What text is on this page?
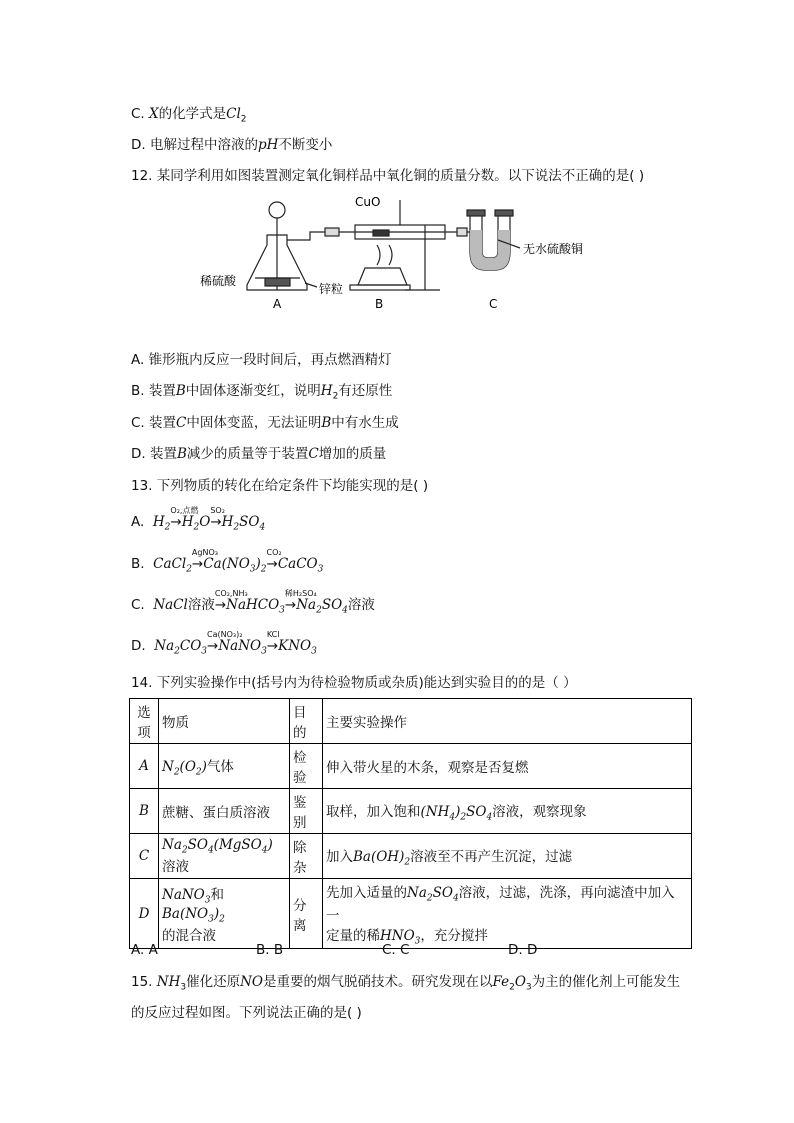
C. X的化学式是$Cl_2$
D. 电解过程中溶液的pH不断变小
12. 某同学利用如图装置测定氧化铜样品中氧化铜的质量分数。以下说法不正确的是( )
CuO
稀硫酸
锌粒
无水硫酸铜
A	B	C
A. 锥形瓶内反应一段时间后，再点燃酒精灯
B. 装置B中固体逐渐变红，说明$H_2$有还原性
C. 装置C中固体变蓝，无法证明B中有水生成
D. 装置B减少的质量等于装置C增加的质量
13. 下列物质的转化在给定条件下均能实现的是( )
A. $H_2$
O₂,点燃
$\to H_2O$
SO₂
$\to H_2SO_4$
B. CaCl$_2$
AgNO₃
$\to Ca(NO_3)_2$
CO₂
→CaCO$_3$
C. NaCl溶液
CO₂,NH₃
→NaHCO$_3$
稀H₂SO₄
$\to Na_2SO_4$溶液
D. $Na_2CO_3$
Ca(NO₃)₂
→NaNO$_3$
KCl
$\to KNO_3$
14. 下列实验操作中(括号内为待检验物质或杂质)能达到实验目的的是（ ）
选项	物质	目的	主要实验操作
A	$N_2(O_2)$气体	检验	伸入带火星的木条，观察是否复燃
B	蔗糖、蛋白质溶液	鉴别	取样，加入饱和$(NH_4)_2SO_4$溶液，观察现象
C	$Na_2SO_4(MgSO_4)$溶液	除杂	加入$Ba(OH)_2$溶液至不再产生沉淀，过滤
D	NaNO$_3$和$Ba(NO_3)_2$
的混合液	分离	先加入适量的$Na_2SO_4$溶液，过滤，洗涤，再向滤渣中加入一
定量的稀$HNO_3$，充分搅拌
A. A	B. B	C. C	D. D
15. $NH_3$催化还原NO是重要的烟气脱硝技术。研究发现在以$Fe_2O_3$为主的催化剂上可能发生
的反应过程如图。下列说法正确的是( )
